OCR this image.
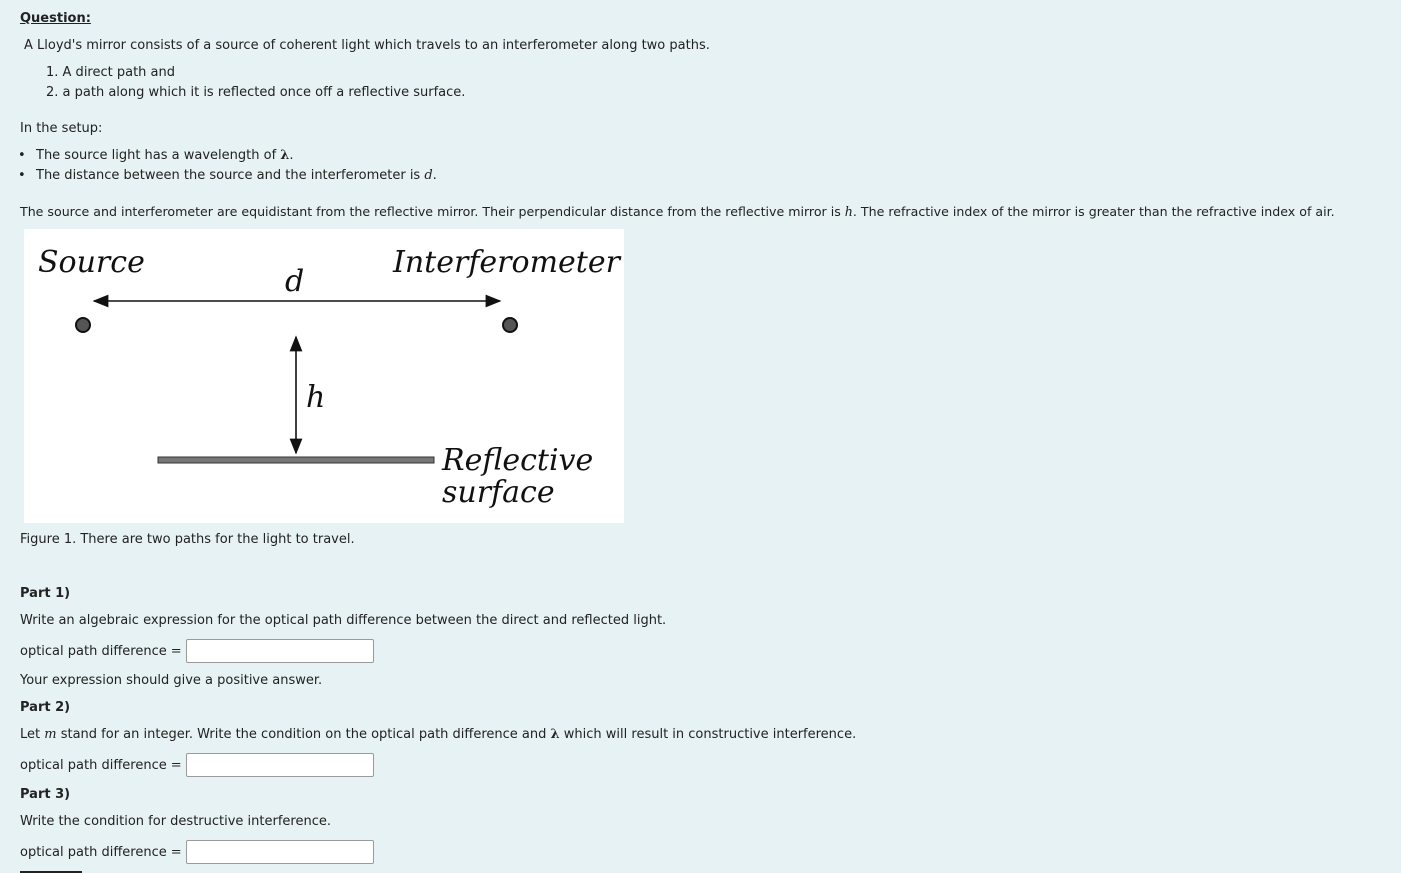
Question:
A Lloyd's mirror consists of a source of coherent light which travels to an interferometer along two paths.
1. A direct path and
2. a path along which it is reflected once off a reflective surface.
In the setup:
• The source light has a wavelength of λ.
• The distance between the source and the interferometer is d.
The source and interferometer are equidistant from the reflective mirror. Their perpendicular distance from the reflective mirror is h. The refractive index of the mirror is greater than the refractive index of air.
Source	Interferometer
d
h
Reflective
surface
Figure 1. There are two paths for the light to travel.
Part 1)
Write an algebraic expression for the optical path difference between the direct and reflected light.
optical path difference =
Your expression should give a positive answer.
Part 2)
Let m stand for an integer. Write the condition on the optical path difference and λ which will result in constructive interference.
optical path difference =
Part 3)
Write the condition for destructive interference.
optical path difference =
